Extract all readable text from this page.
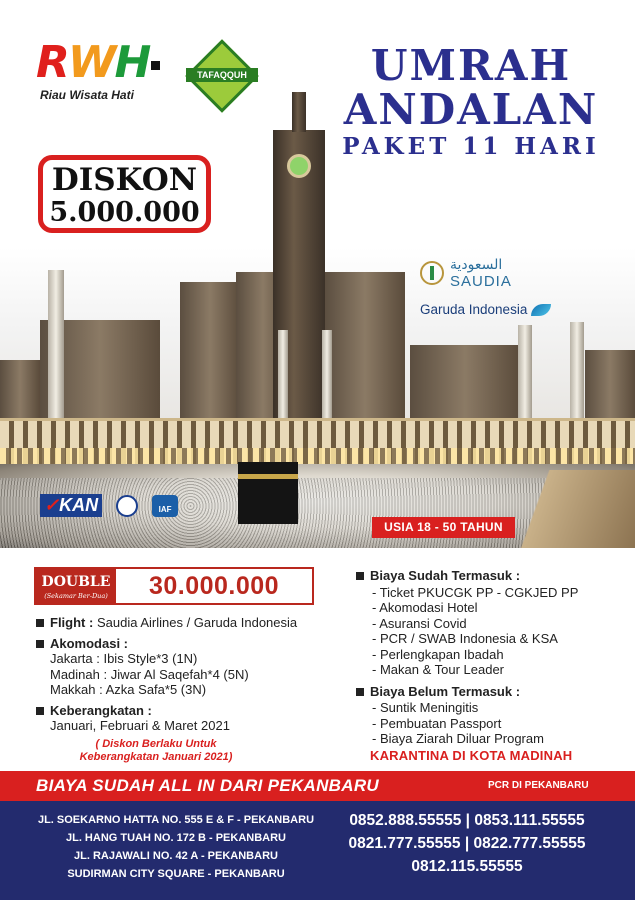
RWH
Riau Wisata Hati
TAFAQQUH	UMRAH
ANDALAN
PAKET 11 HARI
DISKON
5.000.000
السعودية
SAUDIA
Garuda Indonesia
✓KAN	IAF
USIA 18 - 50 TAHUN
DOUBLE
(Sekamar Ber-Dua)	30.000.000
Flight : Saudia Airlines / Garuda Indonesia
Akomodasi :
Jakarta : Ibis Style*3 (1N)
Madinah : Jiwar Al Saqefah*4 (5N)
Makkah : Azka Safa*5 (3N)
Keberangkatan :
Januari, Februari & Maret 2021
( Diskon Berlaku Untuk
Keberangkatan Januari 2021)
Biaya Sudah Termasuk :
- Ticket PKUCGK PP - CGKJED PP
- Akomodasi Hotel
- Asuransi Covid
- PCR / SWAB Indonesia & KSA
- Perlengkapan Ibadah
- Makan & Tour Leader
Biaya Belum Termasuk :
- Suntik Meningitis
- Pembuatan Passport
- Biaya Ziarah Diluar Program
KARANTINA DI KOTA MADINAH
BIAYA SUDAH ALL IN DARI PEKANBARU	PCR DI PEKANBARU
JL. SOEKARNO HATTA NO. 555 E & F - PEKANBARU
JL. HANG TUAH NO. 172 B - PEKANBARU
JL. RAJAWALI NO. 42 A - PEKANBARU
SUDIRMAN CITY SQUARE - PEKANBARU
0852.888.55555 | 0853.111.55555
0821.777.55555 | 0822.777.55555
0812.115.55555
